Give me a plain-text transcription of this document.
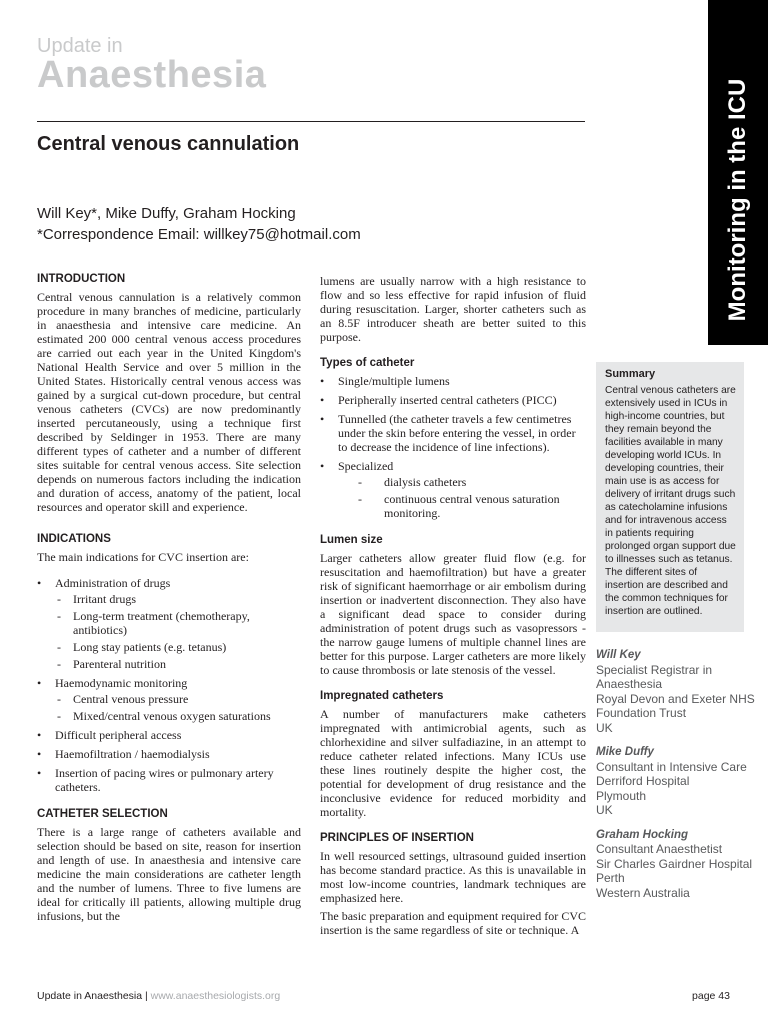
Update in
Anaesthesia
Monitoring in the ICU
Central venous cannulation
Will Key*, Mike Duffy, Graham Hocking
*Correspondence Email: willkey75@hotmail.com
INTRODUCTION

Central venous cannulation is a relatively common procedure in many branches of medicine, particularly in anaesthesia and intensive care medicine. An estimated 200 000 central venous access procedures are carried out each year in the United Kingdom's National Health Service and over 5 million in the United States. Historically central venous access was gained by a surgical cut-down procedure, but central venous catheters (CVCs) are now predominantly inserted percutaneously, using a technique first described by Seldinger in 1953. There are many different types of catheter and a number of different sites suitable for central venous access. Site selection depends on numerous factors including the indication and duration of access, anatomy of the patient, local resources and operator skill and experience.

INDICATIONS

The main indications for CVC insertion are:

• Administration of drugs
- Irritant drugs
- Long-term treatment (chemotherapy, antibiotics)
- Long stay patients (e.g. tetanus)
- Parenteral nutrition
• Haemodynamic monitoring
- Central venous pressure
- Mixed/central venous oxygen saturations
• Difficult peripheral access
• Haemofiltration / haemodialysis
• Insertion of pacing wires or pulmonary artery catheters.
CATHETER SELECTION

There is a large range of catheters available and selection should be based on site, reason for insertion and length of use. In anaesthesia and intensive care medicine the main considerations are catheter length and the number of lumens. Three to five lumens are ideal for critically ill patients, allowing multiple drug infusions, but the

lumens are usually narrow with a high resistance to flow and so less effective for rapid infusion of fluid during resuscitation. Larger, shorter catheters such as an 8.5F introducer sheath are better suited to this purpose.

Types of catheter
• Single/multiple lumens
• Peripherally inserted central catheters (PICC)
• Tunnelled (the catheter travels a few centimetres under the skin before entering the vessel, in order to decrease the incidence of line infections).
• Specialized
- dialysis catheters
- continuous central venous saturation monitoring.
Lumen size

Larger catheters allow greater fluid flow (e.g. for resuscitation and haemofiltration) but have a greater risk of significant haemorrhage or air embolism during insertion or inadvertent disconnection. They also have a significant dead space to consider during administration of potent drugs such as vasopressors - the narrow gauge lumens of multiple channel lines are better for this purpose. Larger catheters are more likely to cause thrombosis or late stenosis of the vessel.

Impregnated catheters

A number of manufacturers make catheters impregnated with antimicrobial agents, such as chlorhexidine and silver sulfadiazine, in an attempt to reduce catheter related infections. Many ICUs use these lines routinely despite the higher cost, the potential for development of drug resistance and the inconclusive evidence for reduced morbidity and mortality.

PRINCIPLES OF INSERTION

In well resourced settings, ultrasound guided insertion has become standard practice. As this is unavailable in most low-income countries, landmark techniques are emphasized here.

The basic preparation and equipment required for CVC insertion is the same regardless of site or technique. A

Summary

Central venous catheters are extensively used in ICUs in high-income countries, but they remain beyond the facilities available in many developing world ICUs. In developing countries, their main use is as access for delivery of irritant drugs such as catecholamine infusions and for intravenous access in patients requiring prolonged organ support due to illnesses such as tetanus. The different sites of insertion are described and the common techniques for insertion are outlined.

Will Key
Specialist Registrar in Anaesthesia
Royal Devon and Exeter NHS Foundation Trust
UK
Mike Duffy
Consultant in Intensive Care
Derriford Hospital
Plymouth
UK
Graham Hocking
Consultant Anaesthetist
Sir Charles Gairdner Hospital
Perth
Western Australia
Update in Anaesthesia | www.anaesthesiologists.org	page 43
